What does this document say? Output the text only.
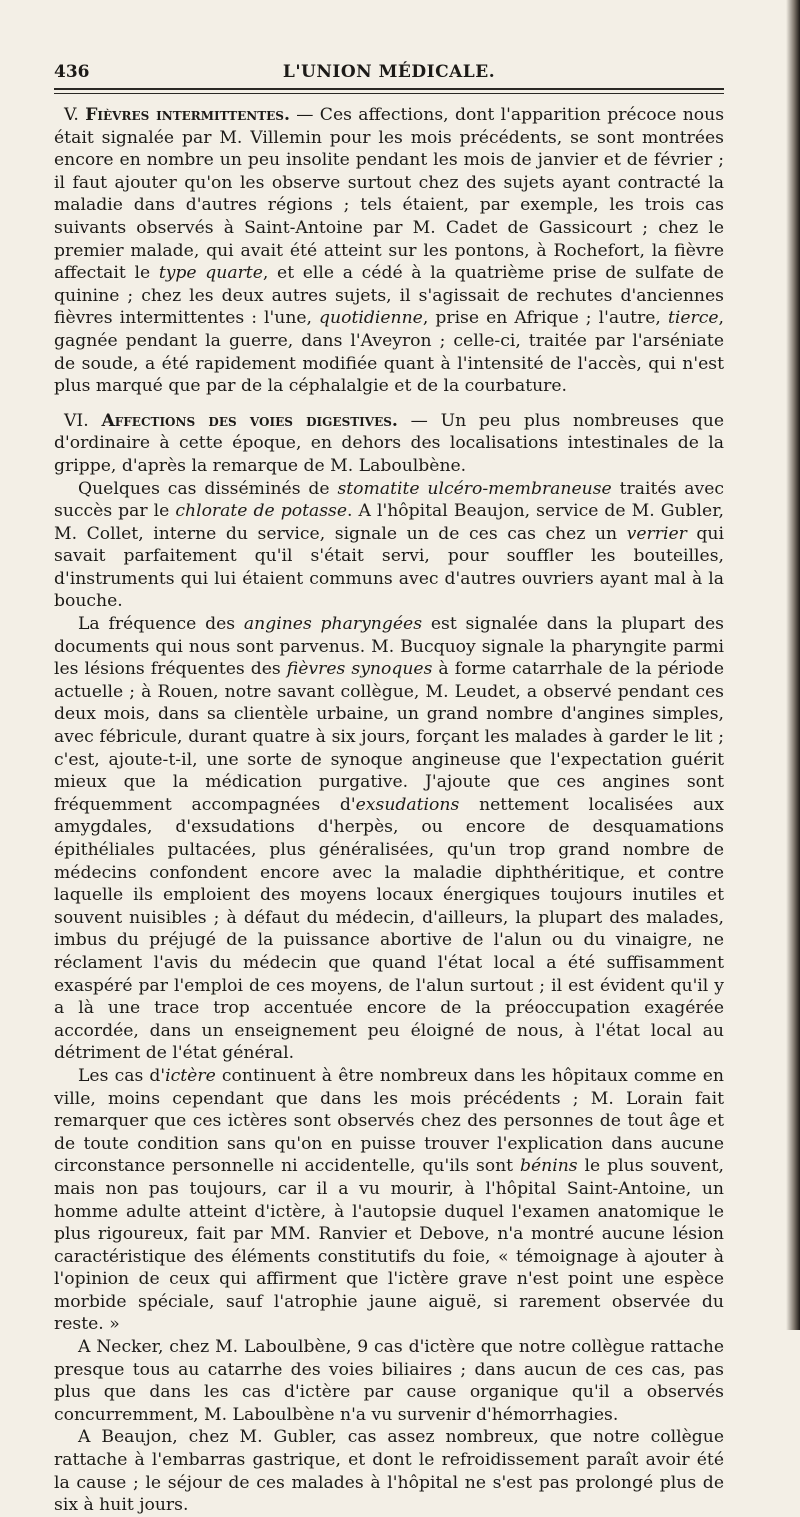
436	L'UNION MÉDICALE.

V. Fièvres intermittentes. — Ces affections, dont l'apparition précoce nous était signalée par M. Villemin pour les mois précédents, se sont montrées encore en nombre un peu insolite pendant les mois de janvier et de février ; il faut ajouter qu'on les observe surtout chez des sujets ayant contracté la maladie dans d'autres régions ; tels étaient, par exemple, les trois cas suivants observés à Saint-Antoine par M. Cadet de Gassicourt ; chez le premier malade, qui avait été atteint sur les pontons, à Rochefort, la fièvre affectait le type quarte, et elle a cédé à la quatrième prise de sulfate de quinine ; chez les deux autres sujets, il s'agissait de rechutes d'anciennes fièvres intermittentes : l'une, quotidienne, prise en Afrique ; l'autre, tierce, gagnée pendant la guerre, dans l'Aveyron ; celle-ci, traitée par l'arséniate de soude, a été rapidement modifiée quant à l'intensité de l'accès, qui n'est plus marqué que par de la céphalalgie et de la courbature.

VI. Affections des voies digestives. — Un peu plus nombreuses que d'ordinaire à cette époque, en dehors des localisations intestinales de la grippe, d'après la remarque de M. Laboulbène.

Quelques cas disséminés de stomatite ulcéro-membraneuse traités avec succès par le chlorate de potasse. A l'hôpital Beaujon, service de M. Gubler, M. Collet, interne du service, signale un de ces cas chez un verrier qui savait parfaitement qu'il s'était servi, pour souffler les bouteilles, d'instruments qui lui étaient communs avec d'autres ouvriers ayant mal à la bouche.

La fréquence des angines pharyngées est signalée dans la plupart des documents qui nous sont parvenus. M. Bucquoy signale la pharyngite parmi les lésions fréquentes des fièvres synoques à forme catarrhale de la période actuelle ; à Rouen, notre savant collègue, M. Leudet, a observé pendant ces deux mois, dans sa clientèle urbaine, un grand nombre d'angines simples, avec fébricule, durant quatre à six jours, forçant les malades à garder le lit ; c'est, ajoute-t-il, une sorte de synoque angineuse que l'expectation guérit mieux que la médication purgative. J'ajoute que ces angines sont fréquemment accompagnées d'exsudations nettement localisées aux amygdales, d'exsudations d'herpès, ou encore de desquamations épithéliales pultacées, plus généralisées, qu'un trop grand nombre de médecins confondent encore avec la maladie diphthéritique, et contre laquelle ils emploient des moyens locaux énergiques toujours inutiles et souvent nuisibles ; à défaut du médecin, d'ailleurs, la plupart des malades, imbus du préjugé de la puissance abortive de l'alun ou du vinaigre, ne réclament l'avis du médecin que quand l'état local a été suffisamment exaspéré par l'emploi de ces moyens, de l'alun surtout ; il est évident qu'il y a là une trace trop accentuée encore de la préoccupation exagérée accordée, dans un enseignement peu éloigné de nous, à l'état local au détriment de l'état général.

Les cas d'ictère continuent à être nombreux dans les hôpitaux comme en ville, moins cependant que dans les mois précédents ; M. Lorain fait remarquer que ces ictères sont observés chez des personnes de tout âge et de toute condition sans qu'on en puisse trouver l'explication dans aucune circonstance personnelle ni accidentelle, qu'ils sont bénins le plus souvent, mais non pas toujours, car il a vu mourir, à l'hôpital Saint-Antoine, un homme adulte atteint d'ictère, à l'autopsie duquel l'examen anatomique le plus rigoureux, fait par MM. Ranvier et Debove, n'a montré aucune lésion caractéristique des éléments constitutifs du foie, « témoignage à ajouter à l'opinion de ceux qui affirment que l'ictère grave n'est point une espèce morbide spéciale, sauf l'atrophie jaune aiguë, si rarement observée du reste. »

A Necker, chez M. Laboulbène, 9 cas d'ictère que notre collègue rattache presque tous au catarrhe des voies biliaires ; dans aucun de ces cas, pas plus que dans les cas d'ictère par cause organique qu'il a observés concurremment, M. Laboulbène n'a vu survenir d'hémorrhagies.

A Beaujon, chez M. Gubler, cas assez nombreux, que notre collègue rattache à l'embarras gastrique, et dont le refroidissement paraît avoir été la cause ; le séjour de ces malades à l'hôpital ne s'est pas prolongé plus de six à huit jours.
